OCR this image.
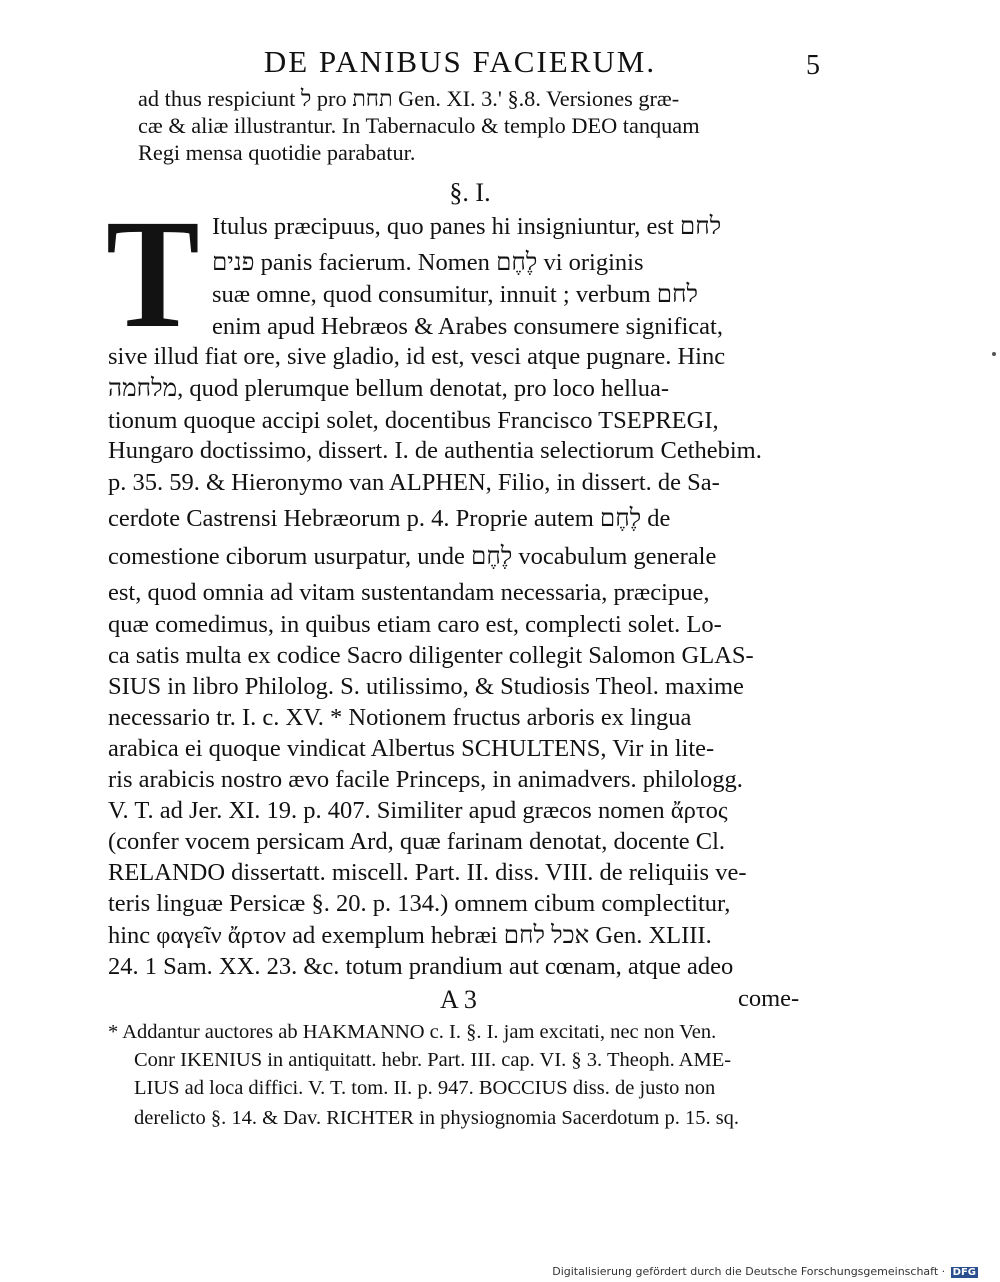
DE PANIBUS FACIERUM.	5
ad thus respiciunt ל pro תחת Gen. XI. 3.' §.8. Versiones græ-
cæ & aliæ illustrantur. In Tabernaculo & templo DEO tanquam
Regi mensa quotidie parabatur.
§. I.
T Itulus præcipuus, quo panes hi insigniuntur, est לחם
פנים panis facierum. Nomen לֶחֶם vi originis
suæ omne, quod consumitur, innuit ; verbum לחם
enim apud Hebræos & Arabes consumere significat,
sive illud fiat ore, sive gladio, id est, vesci atque pugnare. Hinc
מלחמה, quod plerumque bellum denotat, pro loco hellua-
tionum quoque accipi solet, docentibus Francisco TSEPREGI,
Hungaro doctissimo, dissert. I. de authentia selectiorum Cethebim.
p. 35. 59. & Hieronymo van ALPHEN, Filio, in dissert. de Sa-
cerdote Castrensi Hebræorum p. 4. Proprie autem לֶחֶם de
comestione ciborum usurpatur, unde לֶחֶם vocabulum generale
est, quod omnia ad vitam sustentandam necessaria, præcipue,
quæ comedimus, in quibus etiam caro est, complecti solet. Lo-
ca satis multa ex codice Sacro diligenter collegit Salomon GLAS-
SIUS in libro Philolog. S. utilissimo, & Studiosis Theol. maxime
necessario tr. I. c. XV. * Notionem fructus arboris ex lingua
arabica ei quoque vindicat Albertus SCHULTENS, Vir in lite-
ris arabicis nostro ævo facile Princeps, in animadvers. philologg.
V. T. ad Jer. XI. 19. p. 407. Similiter apud græcos nomen ἄρτος
(confer vocem persicam Ard, quæ farinam denotat, docente Cl.
RELANDO dissertatt. miscell. Part. II. diss. VIII. de reliquiis ve-
teris linguæ Persicæ §. 20. p. 134.) omnem cibum complectitur,
hinc φαγεῖν ἄρτον ad exemplum hebræi אכל לחם Gen. XLIII.
24. 1 Sam. XX. 23. &c. totum prandium aut cœnam, atque adeo
A 3	come-
* Addantur auctores ab HAKMANNO c. I. §. I. jam excitati, nec non Ven.
Conr IKENIUS in antiquitatt. hebr. Part. III. cap. VI. § 3. Theoph. AME-
LIUS ad loca diffici. V. T. tom. II. p. 947. BOCCIUS diss. de justo non
derelicto §. 14. & Dav. RICHTER in physiognomia Sacerdotum p. 15. sq.
Digitalisierung gefördert durch die Deutsche Forschungsgemeinschaft · DFG
